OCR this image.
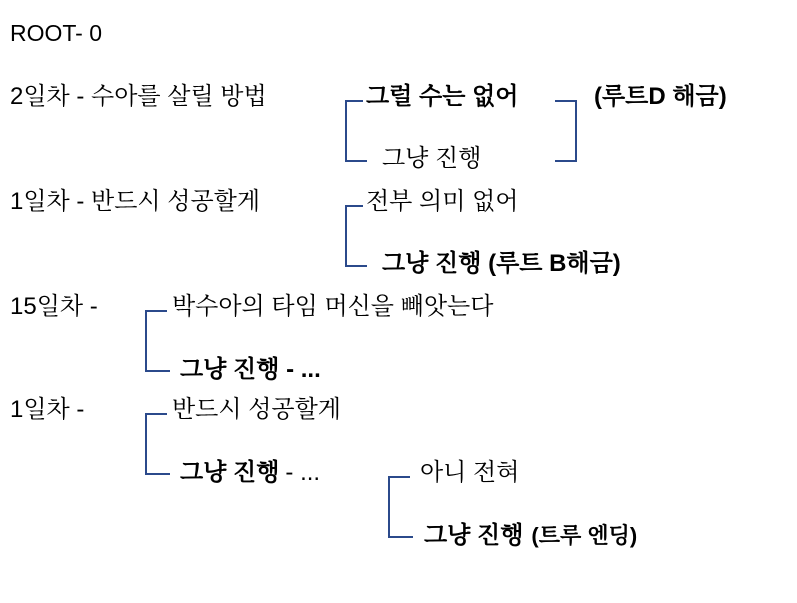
ROOT- 0
2일차 - 수아를 살릴 방법	그럴 수는 없어	(루트D 해금)
그냥 진행
1일차 - 반드시 성공할게	전부 의미 없어
그냥 진행 (루트 B해금)
15일차 -	박수아의 타임 머신을 빼앗는다
그냥 진행 - ...
1일차 -	반드시 성공할게
그냥 진행 - ...	아니 전혀
그냥 진행 (트루 엔딩)
